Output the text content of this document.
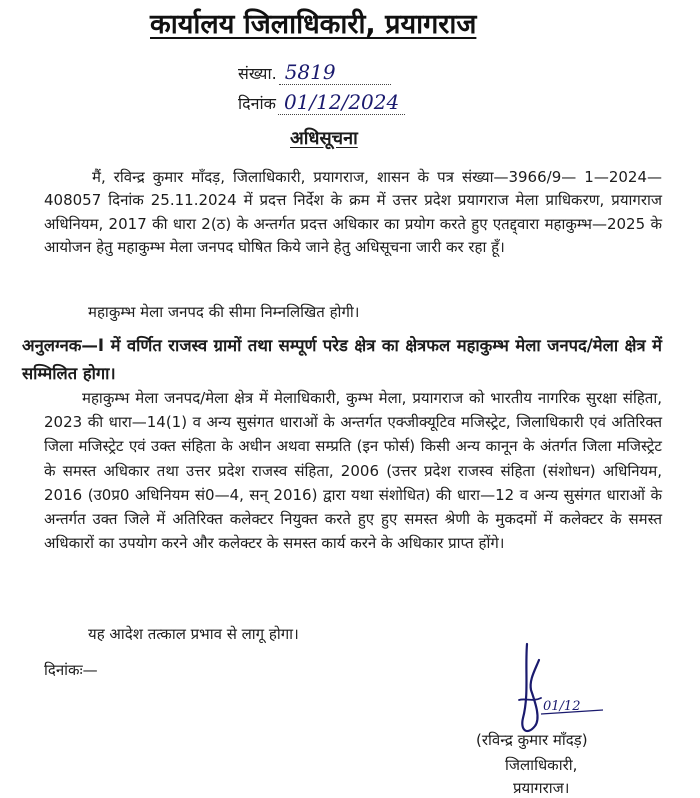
कार्यालय जिलाधिकारी, प्रयागराज
संख्या . 5819
दिनांक 01/12/2024
अधिसूचना
मैं, रविन्द्र कुमार माँदड़, जिलाधिकारी, प्रयागराज, शासन के पत्र संख्या—3966/9— 1—2024—408057 दिनांक 25.11.2024 में प्रदत्त निर्देश के क्रम में उत्तर प्रदेश प्रयागराज मेला प्राधिकरण, प्रयागराज अधिनियम, 2017 की धारा 2(ठ) के अन्तर्गत प्रदत्त अधिकार का प्रयोग करते हुए एतद्द्वारा महाकुम्भ—2025 के आयोजन हेतु महाकुम्भ मेला जनपद घोषित किये जाने हेतु अधिसूचना जारी कर रहा हूँ।
महाकुम्भ मेला जनपद की सीमा निम्नलिखित होगी।
अनुलग्नक—I में वर्णित राजस्व ग्रामों तथा सम्पूर्ण परेड क्षेत्र का क्षेत्रफल महाकुम्भ मेला जनपद/मेला क्षेत्र में सम्मिलित होगा।
महाकुम्भ मेला जनपद/मेला क्षेत्र में मेलाधिकारी, कुम्भ मेला, प्रयागराज को भारतीय नागरिक सुरक्षा संहिता, 2023 की धारा—14(1) व अन्य सुसंगत धाराओं के अन्तर्गत एक्जीक्यूटिव मजिस्ट्रेट, जिलाधिकारी एवं अतिरिक्त जिला मजिस्ट्रेट एवं उक्त संहिता के अधीन अथवा सम्प्रति (इन फोर्स) किसी अन्य कानून के अंतर्गत जिला मजिस्ट्रेट के समस्त अधिकार तथा उत्तर प्रदेश राजस्व संहिता, 2006 (उत्तर प्रदेश राजस्व संहिता (संशोधन) अधिनियम, 2016 (उ0प्र0 अधिनियम सं0—4, सन् 2016) द्वारा यथा संशोधित) की धारा—12 व अन्य सुसंगत धाराओं के अन्तर्गत उक्त जिले में अतिरिक्त कलेक्टर नियुक्त करते हुए हुए समस्त श्रेणी के मुकदमों में कलेक्टर के समस्त अधिकारों का उपयोग करने और कलेक्टर के समस्त कार्य करने के अधिकार प्राप्त होंगे।
यह आदेश तत्काल प्रभाव से लागू होगा।
दिनांकः—
01/12
(रविन्द्र कुमार माँदड़)
जिलाधिकारी,
प्रयागराज।
